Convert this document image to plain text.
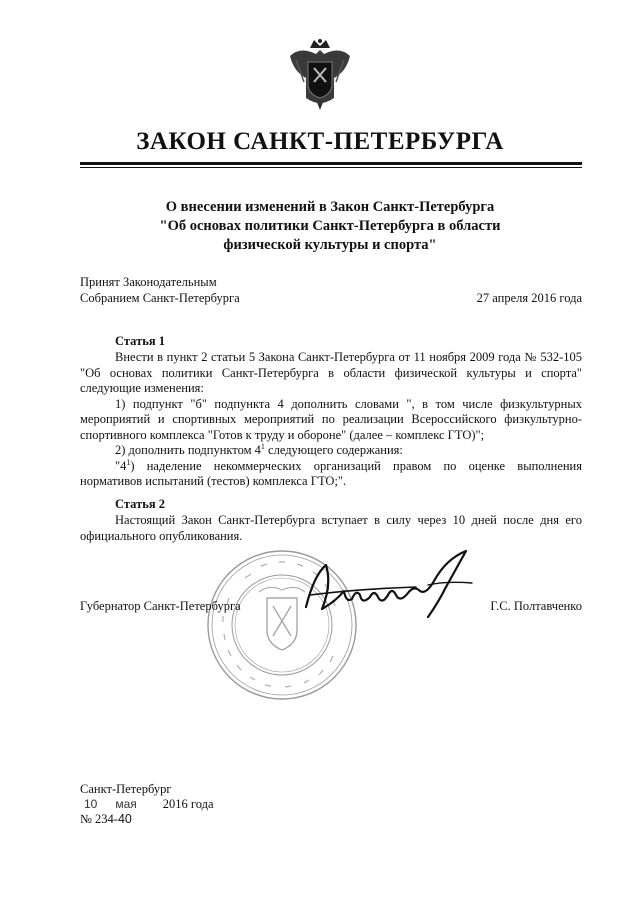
ЗАКОН САНКТ-ПЕТЕРБУРГА
О внесении изменений в Закон Санкт-Петербурга
"Об основах политики Санкт-Петербурга в области
физической культуры и спорта"
Принят Законодательным
Собранием Санкт-Петербурга	27 апреля 2016 года
Статья 1

Внести в пункт 2 статьи 5 Закона Санкт-Петербурга от 11 ноября 2009 года № 532-105 "Об основах политики Санкт-Петербурга в области физической культуры и спорта" следующие изменения:

1) подпункт "б" подпункта 4 дополнить словами ", в том числе физкультурных мероприятий и спортивных мероприятий по реализации Всероссийского физкультурно-спортивного комплекса "Готов к труду и обороне" (далее – комплекс ГТО)";

2) дополнить подпунктом $4^1$ следующего содержания:

"$4^1$) наделение некоммерческих организаций правом по оценке выполнения нормативов испытаний (тестов) комплекса ГТО;".

Статья 2

Настоящий Закон Санкт-Петербурга вступает в силу через 10 дней после дня его официального опубликования.

Губернатор Санкт-Петербурга	Г.С. Полтавченко
Санкт-Петербург
10 мая 2016 года
№ 234-40
